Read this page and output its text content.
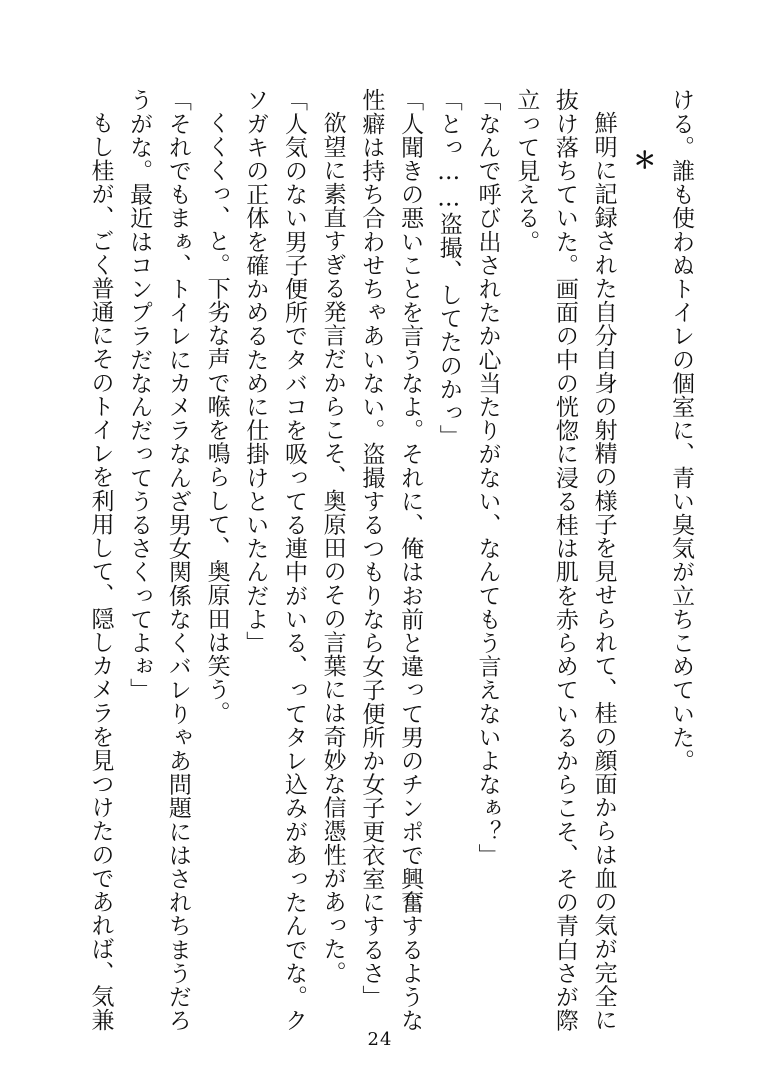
ける。誰も使わぬトイレの個室に、青い臭気が立ちこめていた。
＊
鮮明に記録された自分自身の射精の様子を見せられて、桂の顔面からは血の気が完全に
抜け落ちていた。画面の中の恍惚に浸る桂は肌を赤らめているからこそ、その青白さが際
立って見える。
「なんで呼び出されたか心当たりがない、なんてもう言えないよなぁ？」
「とっ……盗撮、してたのかっ」
「人聞きの悪いことを言うなよ。それに、俺はお前と違って男のチンポで興奮するような
性癖は持ち合わせちゃあいない。盗撮するつもりなら女子便所か女子更衣室にするさ」
欲望に素直すぎる発言だからこそ、奥原田のその言葉には奇妙な信憑性があった。
「人気のない男子便所でタバコを吸ってる連中がいる、ってタレ込みがあったんでな。ク
ソガキの正体を確かめるために仕掛けといたんだよ」
くくくっ、と。下劣な声で喉を鳴らして、奥原田は笑う。
「それでもまぁ、トイレにカメラなんざ男女関係なくバレりゃあ問題にはされちまうだろ
うがな。最近はコンプラだなんだってうるさくってよぉ」
もし桂が、ごく普通にそのトイレを利用して、隠しカメラを見つけたのであれば、気兼
24
